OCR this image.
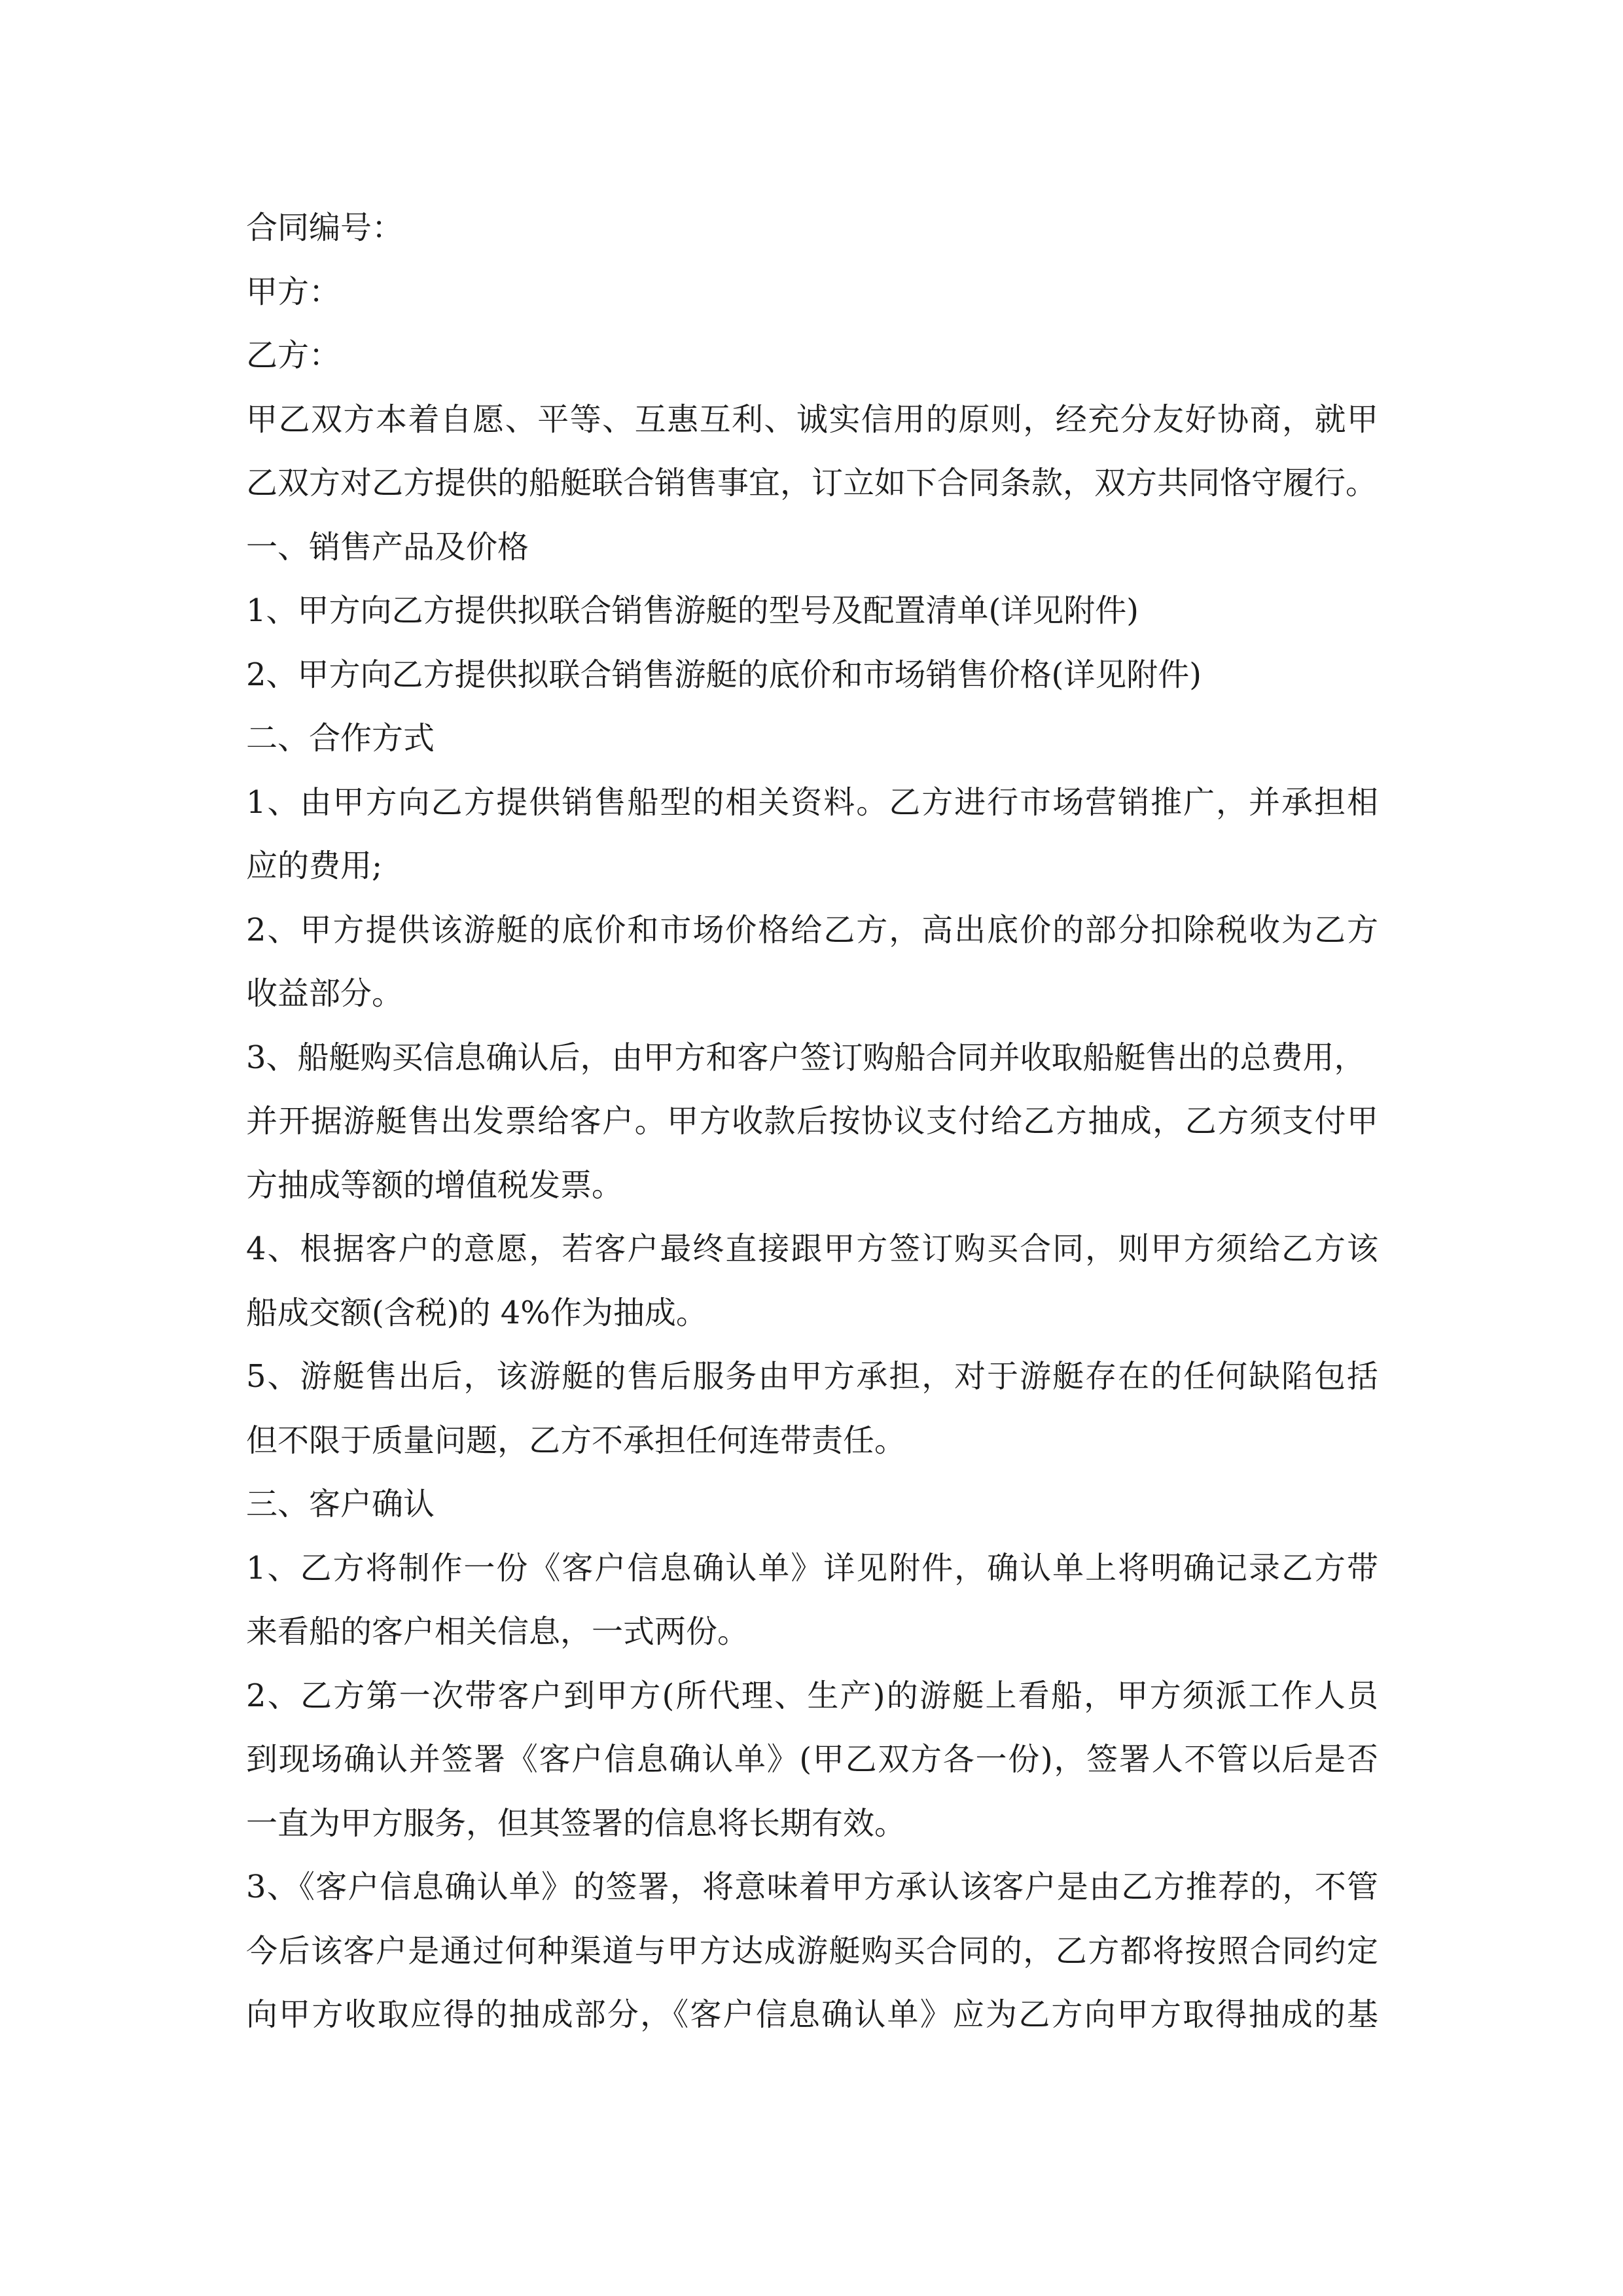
合同编号：
甲方：
乙方：
甲乙双方本着自愿、平等、互惠互利、诚实信用的原则，经充分友好协商，就甲
乙双方对乙方提供的船艇联合销售事宜，订立如下合同条款，双方共同恪守履行。
一、销售产品及价格
1、甲方向乙方提供拟联合销售游艇的型号及配置清单(详见附件)
2、甲方向乙方提供拟联合销售游艇的底价和市场销售价格(详见附件)
二、合作方式
1、由甲方向乙方提供销售船型的相关资料。乙方进行市场营销推广，并承担相
应的费用;
2、甲方提供该游艇的底价和市场价格给乙方，高出底价的部分扣除税收为乙方
收益部分。
3、船艇购买信息确认后，由甲方和客户签订购船合同并收取船艇售出的总费用，
并开据游艇售出发票给客户。甲方收款后按协议支付给乙方抽成，乙方须支付甲
方抽成等额的增值税发票。
4、根据客户的意愿，若客户最终直接跟甲方签订购买合同，则甲方须给乙方该
船成交额(含税)的 4%作为抽成。
5、游艇售出后，该游艇的售后服务由甲方承担，对于游艇存在的任何缺陷包括
但不限于质量问题，乙方不承担任何连带责任。
三、客户确认
1、乙方将制作一份《客户信息确认单》详见附件，确认单上将明确记录乙方带
来看船的客户相关信息，一式两份。
2、乙方第一次带客户到甲方(所代理、生产)的游艇上看船，甲方须派工作人员
到现场确认并签署《客户信息确认单》(甲乙双方各一份)，签署人不管以后是否
一直为甲方服务，但其签署的信息将长期有效。
3、《客户信息确认单》的签署，将意味着甲方承认该客户是由乙方推荐的，不管
今后该客户是通过何种渠道与甲方达成游艇购买合同的，乙方都将按照合同约定
向甲方收取应得的抽成部分，《客户信息确认单》应为乙方向甲方取得抽成的基
